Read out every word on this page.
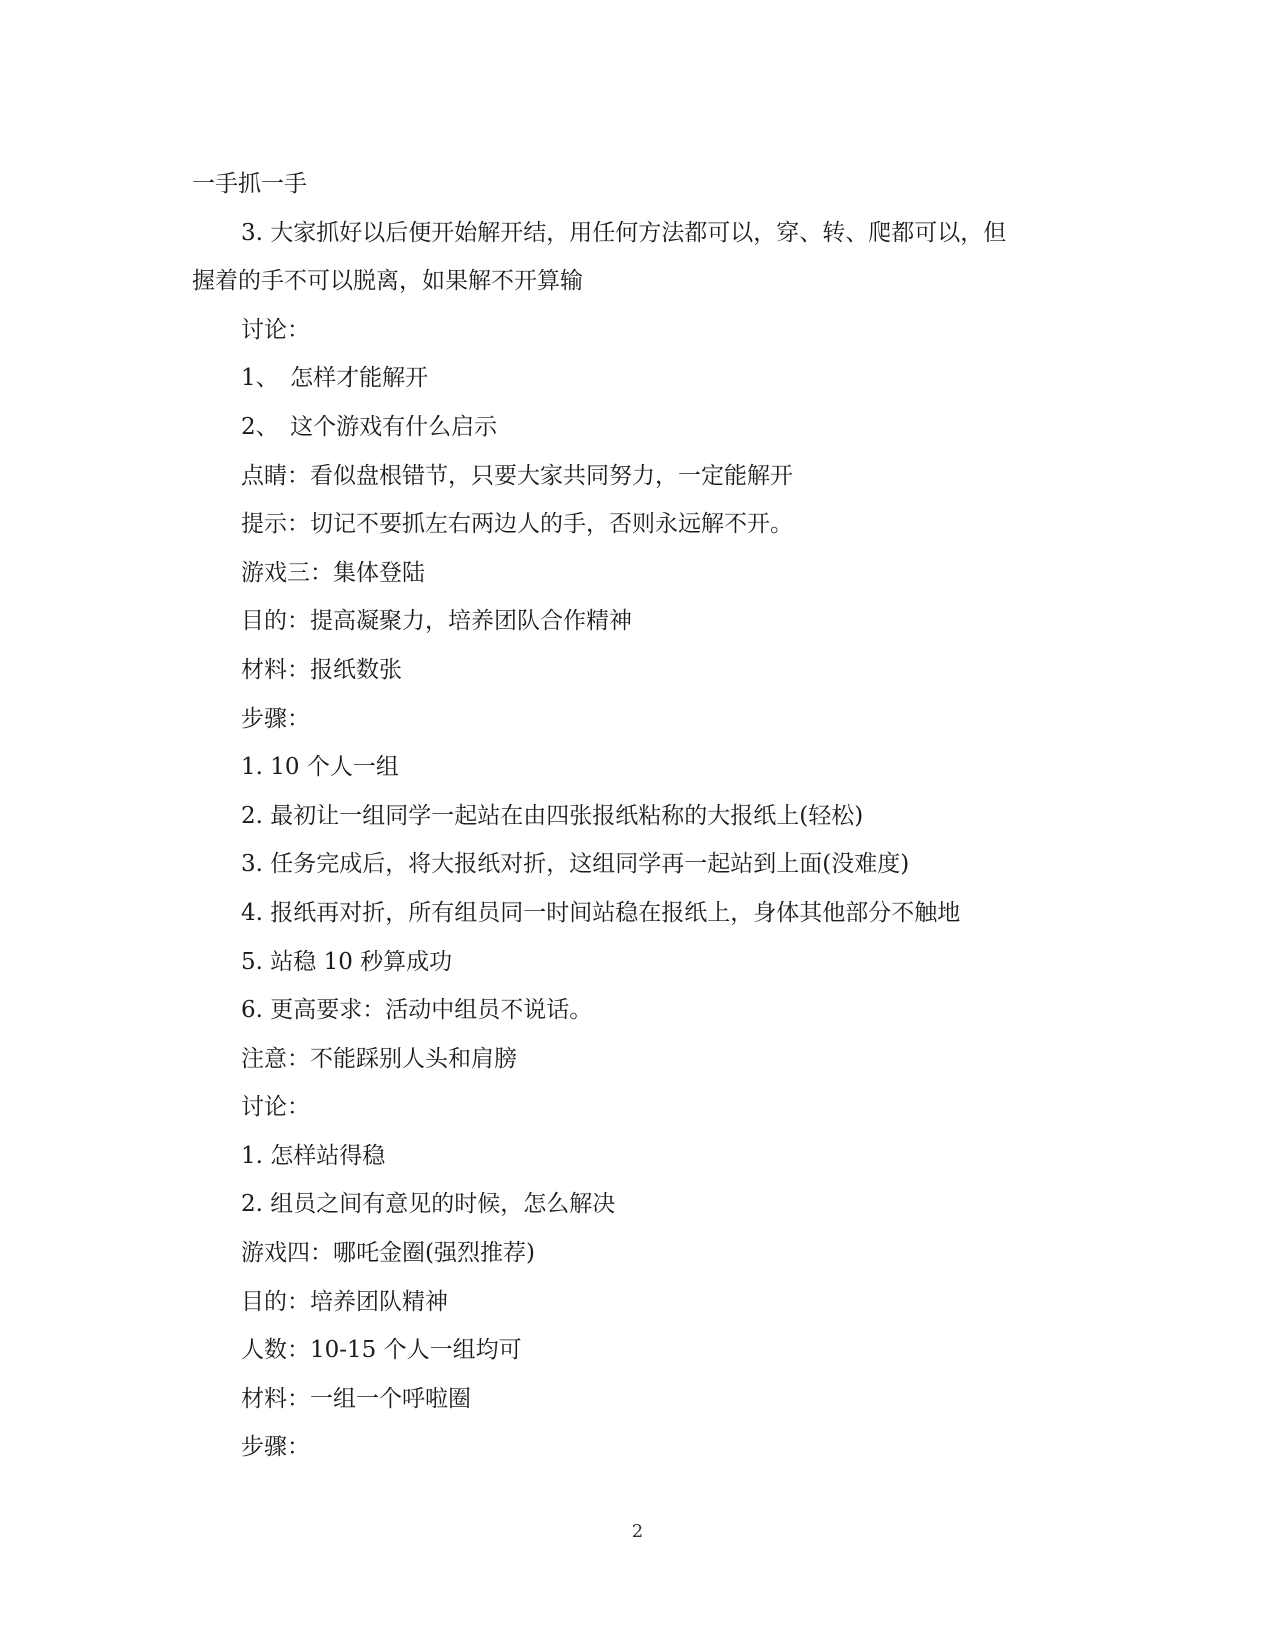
一手抓一手
3. 大家抓好以后便开始解开结，用任何方法都可以，穿、转、爬都可以，但
握着的手不可以脱离，如果解不开算输
讨论：
1、　怎样才能解开
2、　这个游戏有什么启示
点睛：看似盘根错节，只要大家共同努力，一定能解开
提示：切记不要抓左右两边人的手，否则永远解不开。
游戏三：集体登陆
目的：提高凝聚力，培养团队合作精神
材料：报纸数张
步骤：
1. 10 个人一组
2. 最初让一组同学一起站在由四张报纸粘称的大报纸上(轻松)
3. 任务完成后，将大报纸对折，这组同学再一起站到上面(没难度)
4. 报纸再对折，所有组员同一时间站稳在报纸上，身体其他部分不触地
5. 站稳 10 秒算成功
6. 更高要求：活动中组员不说话。
注意：不能踩别人头和肩膀
讨论：
1. 怎样站得稳
2. 组员之间有意见的时候，怎么解决
游戏四：哪吒金圈(强烈推荐)
目的：培养团队精神
人数：10-15 个人一组均可
材料：一组一个呼啦圈
步骤：
2
